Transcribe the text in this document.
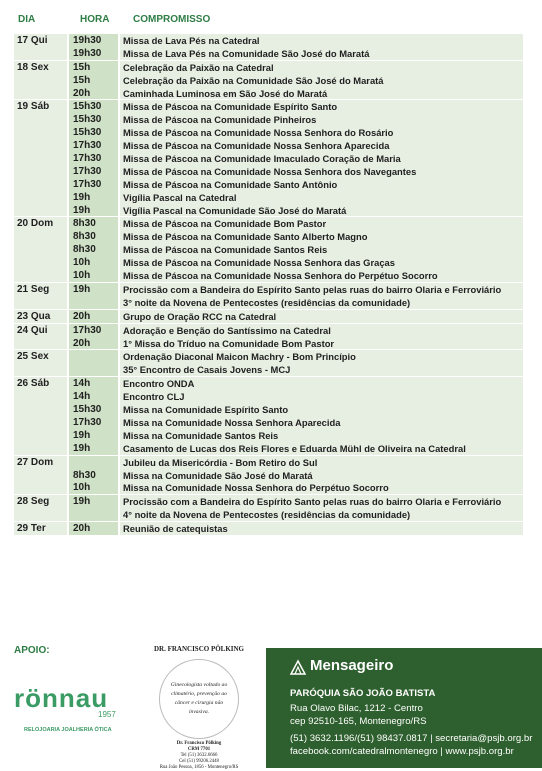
DIA	HORA COMPROMISSO
17 Qui	19h30	Missa de Lava Pés na Catedral
19h30	Missa de Lava Pés na Comunidade São José do Maratá
18 Sex	15h	Celebração da Paixão na Catedral
15h	Celebração da Paixão na Comunidade São José do Maratá
20h	Caminhada Luminosa em São José do Maratá
19 Sáb	15h30	Missa de Páscoa na Comunidade Espírito Santo
15h30	Missa de Páscoa na Comunidade Pinheiros
15h30	Missa de Páscoa na Comunidade Nossa Senhora do Rosário
17h30	Missa de Páscoa na Comunidade Nossa Senhora Aparecida
17h30	Missa de Páscoa na Comunidade Imaculado Coração de Maria
17h30	Missa de Páscoa na Comunidade Nossa Senhora dos Navegantes
17h30	Missa de Páscoa na Comunidade Santo Antônio
19h	Vigília Pascal na Catedral
19h	Vigília Pascal na Comunidade São José do Maratá
20 Dom	8h30	Missa de Páscoa na Comunidade Bom Pastor
8h30	Missa de Páscoa na Comunidade Santo Alberto Magno
8h30	Missa de Páscoa na Comunidade Santos Reis
10h	Missa de Páscoa na Comunidade Nossa Senhora das Graças
10h	Missa de Páscoa na Comunidade Nossa Senhora do Perpétuo Socorro
21 Seg	19h	Procissão com a Bandeira do Espírito Santo pelas ruas do bairro Olaria e Ferroviário
3° noite da Novena de Pentecostes (residências da comunidade)
23 Qua	20h	Grupo de Oração RCC na Catedral
24 Qui	17h30	Adoração e Benção do Santíssimo na Catedral
20h	1° Missa do Tríduo na Comunidade Bom Pastor
25 Sex	Ordenação Diaconal Maicon Machry - Bom Princípio
35° Encontro de Casais Jovens - MCJ
26 Sáb	14h	Encontro ONDA
14h	Encontro CLJ
15h30	Missa na Comunidade Espírito Santo
17h30	Missa na Comunidade Nossa Senhora Aparecida
19h	Missa na Comunidade Santos Reis
19h	Casamento de Lucas dos Reis Flores e Eduarda Mühl de Oliveira na Catedral
27 Dom	Jubileu da Misericórdia - Bom Retiro do Sul
8h30	Missa na Comunidade São José do Maratá
10h	Missa na Comunidade Nossa Senhora do Perpétuo Socorro
28 Seg	19h	Procissão com a Bandeira do Espírito Santo pelas ruas do bairro Olaria e Ferroviário
4° noite da Novena de Pentecostes (residências da comunidade)
29 Ter	20h	Reunião de catequistas
APOIO:
rönnau
1957
RELOJOARIA JOALHERIA ÓTICA
DR. FRANCISCO PÖLKING
Ginecologista voltado ao climatério, prevenção ao câncer e cirurgia não invasiva.
Dr. Francisco Pölking
CRM 7701
Tel (51) 3632.6666
Cel (51) 99206.2448
Rua João Pessoa, 1856 - Montenegro/RS
Mensageiro
PARÓQUIA SÃO JOÃO BATISTA
Rua Olavo Bilac, 1212 - Centro
cep 92510-165, Montenegro/RS
(51) 3632.1196/(51) 98437.0817 | secretaria@psjb.org.br
facebook.com/catedralmontenegro | www.psjb.org.br
